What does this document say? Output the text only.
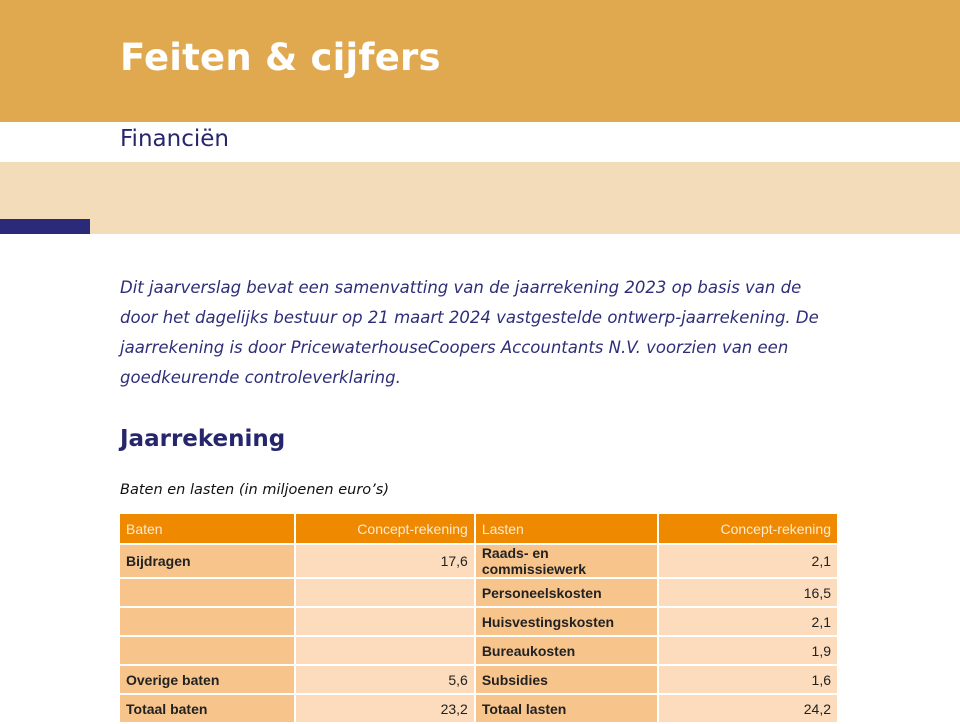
Feiten & cijfers
Financiën

Dit jaarverslag bevat een samenvatting van de jaarrekening 2023 op basis van de door het dagelijks bestuur op 21 maart 2024 vastgestelde ontwerp-jaarrekening. De jaarrekening is door PricewaterhouseCoopers Accountants N.V. voorzien van een goedkeurende controleverklaring.

Jaarrekening

Baten en lasten (in miljoenen euro’s)

Baten	Concept-rekening	Lasten	Concept-rekening
Bijdragen	17,6	Raads- en commissiewerk	2,1
		Personeelskosten	16,5
		Huisvestingskosten	2,1
		Bureaukosten	1,9
Overige baten	5,6	Subsidies	1,6
Totaal baten	23,2	Totaal lasten	24,2
